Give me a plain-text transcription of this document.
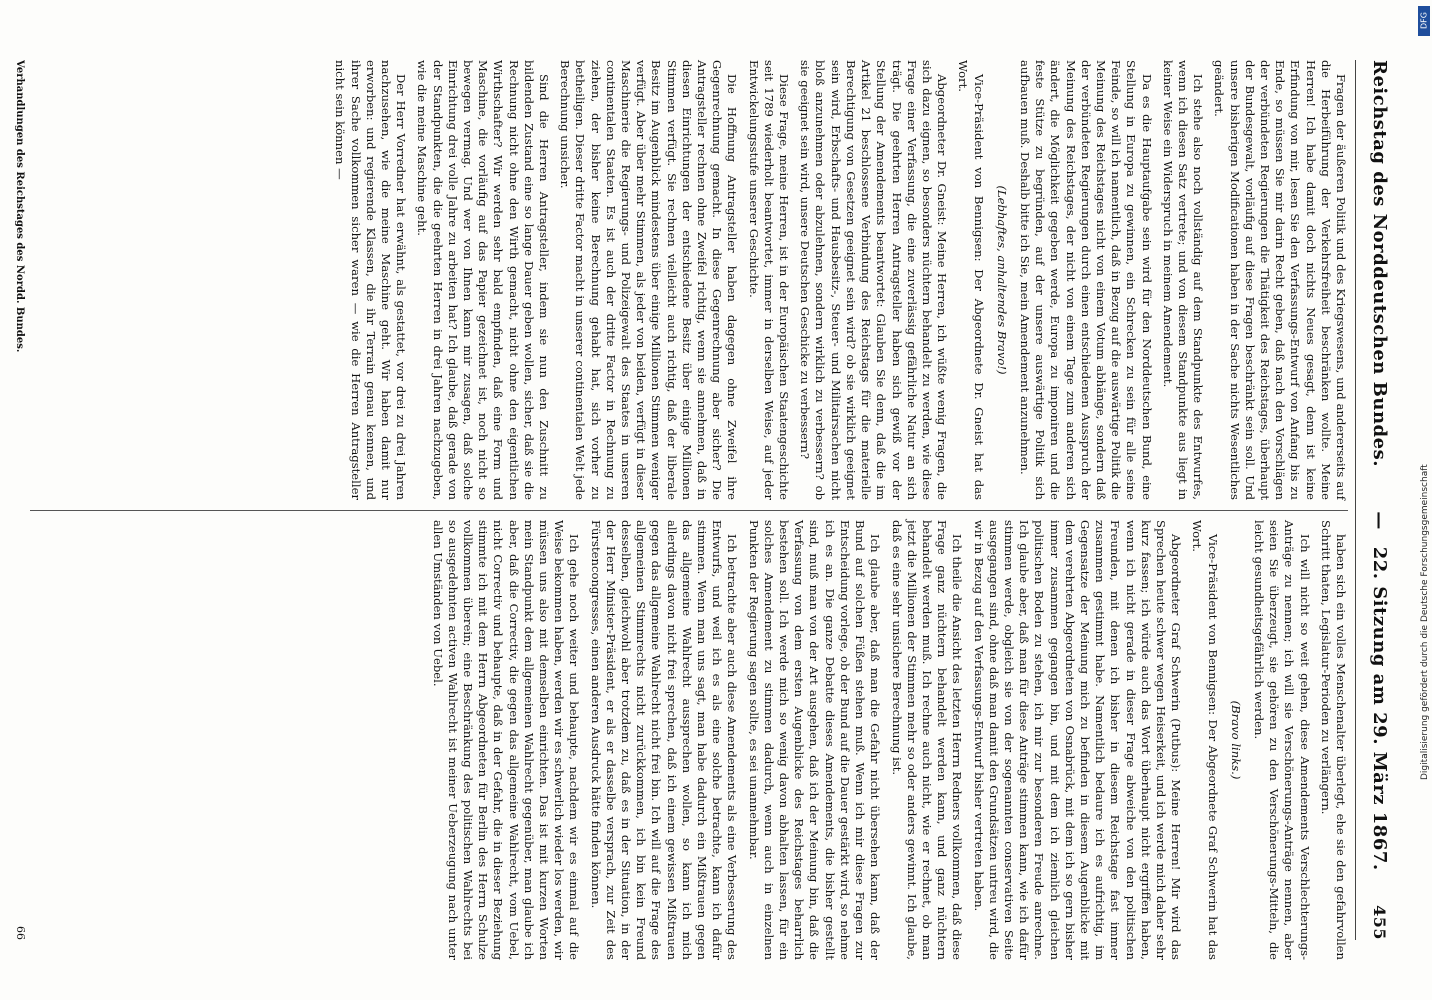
Reichstag des Norddeutschen Bundes.
— 22. Sitzung am 29. März 1867.
455

Fragen der äußeren Politik und des Kriegswesens, und andererseits auf die Herbeiführung der Verkehrsfreiheit beschränken wollte. Meine Herren! Ich habe damit doch nichts Neues gesagt, denn ist keine Erfindung von mir, lesen Sie den Verfassungs-Entwurf von Anfang bis zu Ende, so müssen Sie mir darin Recht geben, daß nach den Vorschlägen der verbündeten Regierungen die Thätigkeit des Reichstages, überhaupt der Bundesgewalt, vorläufig auf diese Fragen beschränkt sein soll. Und unsere bisherigen Modificationen haben in der Sache nichts Wesentliches geändert.

Ich stehe also noch vollständig auf dem Standpunkte des Entwurfes, wenn ich diesen Satz vertrete; und von diesem Standpunkte aus liegt in keiner Weise ein Widerspruch in meinem Amendement.

Da es die Hauptaufgabe sein wird für den Norddeutschen Bund, eine Stellung in Europa zu gewinnen, ein Schrecken zu sein für alle seine Feinde, so will ich namentlich, daß in Bezug auf die auswärtige Politik die Meinung des Reichstages nicht von einem Votum abhänge, sondern daß der verbündeten Regierungen durch einen entschiedenen Ausspruch der Meinung des Reichstages, der nicht von einem Tage zum anderen sich ändert, die Möglichkeit gegeben werde, Europa zu imponiren und die feste Stütze zu begründen, auf der unsere auswärtige Politik sich aufbauen muß. Deshalb bitte ich Sie, mein Amendement anzunehmen.

(Lebhaftes, anhaltendes Bravo!)

Vice-Präsident von Bennigsen: Der Abgeordnete Dr. Gneist hat das Wort.

Abgeordneter Dr. Gneist: Meine Herren, ich wüßte wenig Fragen, die sich dazu eignen, so besonders nüchtern behandelt zu werden, wie diese Frage einer Verfassung, die eine zuverlässig gefährliche Natur an sich trägt. Die geehrten Herren Antragsteller haben sich gewiß vor der Stellung der Amendements beantwortet: Glauben Sie denn, daß die im Artikel 21 beschlossene Verbindung des Reichstags für die materielle Berechtigung von Gesetzen geeignet sein wird? ob sie wirklich geeignet sein wird, Erbschafts- und Hausbesitz-, Steuer- und Militairsachen nicht bloß anzunehmen oder abzulehnen, sondern wirklich zu verbessern? ob sie geeignet sein wird, unsere Deutschen Geschicke zu verbessern?

Diese Frage, meine Herren, ist in der Europäischen Staatengeschichte seit 1789 wiederholt beantwortet, immer in derselben Weise, auf jeder Entwickelungsstufe unserer Geschichte.

Die Hoffnung Antragsteller haben dagegen ohne Zweifel ihre Gegenrechnung gemacht. In diese Gegenrechnung aber sicher? Die Antragsteller rechnen ohne Zweifel richtig, wenn sie annehmen, daß in diesen Einrichtungen der entschiedene Besitz über einige Millionen Stimmen verfügt. Sie rechnen vielleicht auch richtig, daß der liberale Besitz im Augenblick mindestens über einige Millionen Stimmen weniger verfügt. Aber über mehr Stimmen, als jeder von beiden, verfügt in dieser Maschinerie die Regierungs- und Polizeigewalt des Staates in unseren continentalen Staaten. Es ist auch der dritte Factor in Rechnung zu ziehen, der bisher keine Berechnung gehabt hat, sich vorher zu betheiligen. Dieser dritte Factor macht in unserer continentalen Welt jede Berechnung unsicher.

Sind die Herren Antragsteller, indem sie nun den Zuschnitt zu bildenden Zustand eine so lange Dauer geben wollen, sicher, daß sie die Rechnung nicht ohne den Wirth gemacht, nicht ohne den eigentlichen Wirthschafter? Wir werden sehr bald empfinden, daß eine Form und Maschine, die vorläufig auf das Papier gezeichnet ist, noch nicht so bewegen vermag. Und wer von Ihnen kann mir zusagen, daß solche Einrichtung drei volle Jahre zu arbeiten hat? Ich glaube, daß gerade von der Standpunkten, die die geehrten Herren in drei Jahren nachzugeben, wie die meine Maschine geht.

Der Herr Vorredner hat erwähnt, als gestattet, vor drei zu drei Jahren nachzusehen, wie die meine Maschine geht. Wir haben damit nur erworben: und regierende Klassen, die ihr Terrain genau kennen, und ihrer Sache vollkommen sicher waren — wie die Herren Antragsteller nicht sein können —

haben sich ein volles Menschenalter überlegt, ehe sie den gefahrvollen Schritt thaten, Legislatur-Perioden zu verlängern.

Ich will nicht so weit gehen, diese Amendements Verschlechterungs-Anträge zu nennen; ich will sie Verschönerungs-Anträge nennen, aber seien Sie überzeugt, sie gehören zu den Verschönerungs-Mitteln, die leicht gesundheitsgefährlich werden.

(Bravo links.)

Vice-Präsident von Bennigsen: Der Abgeordnete Graf Schwerin hat das Wort.

Abgeordneter Graf Schwerin (Putbus): Meine Herren! Mir wird das Sprechen heute schwer wegen Heiserkeit, und ich werde mich daher sehr kurz fassen; ich würde auch das Wort überhaupt nicht ergriffen haben, wenn ich nicht gerade in dieser Frage abweiche von den politischen Freunden, mit denen ich bisher in diesem Reichstage fast immer zusammen gestimmt habe. Namentlich bedaure ich es aufrichtig, im Gegensatze der Meinung mich zu befinden in diesem Augenblicke mit dem verehrten Abgeordneten von Osnabrück, mit dem ich so gern bisher immer zusammen gegangen bin, und mit dem ich ziemlich gleichen politischen Boden zu stehen, ich mir zur besonderen Freude anrechne. Ich glaube aber, daß man für diese Anträge stimmen kann, wie ich dafür stimmen werde, obgleich sie von der sogenannten conservativen Seite ausgegangen sind, ohne daß man damit den Grundsätzen untreu wird, die wir in Bezug auf den Verfassungs-Entwurf bisher vertreten haben.

Ich theile die Ansicht des letzten Herrn Redners vollkommen, daß diese Frage ganz nüchtern behandelt werden kann, und ganz nüchtern behandelt werden muß. Ich rechne auch nicht, wie er rechnet, ob man jetzt die Millionen der Stimmen mehr so oder anders gewinnt. Ich glaube, daß es eine sehr unsichere Berechnung ist.

Ich glaube aber, daß man die Gefahr nicht übersehen kann, daß der Bund auf solchen Füßen stehen muß. Wenn ich mir diese Fragen zur Entscheidung vorlege, ob der Bund auf die Dauer gestärkt wird, so nehme ich es an. Die ganze Debatte dieses Amendements, die bisher gestellt sind, muß man von der Art ausgehen, daß ich der Meinung bin, daß die Verfassung von dem ersten Augenblicke des Reichstages beharrlich bestehen soll. Ich werde mich so wenig davon abhalten lassen, für ein solches Amendement zu stimmen dadurch, wenn auch in einzelnen Punkten der Regierung sagen sollte, es sei unannehmbar.

Ich betrachte aber auch diese Amendements als eine Verbesserung des Entwurfs, und weil ich es als eine solche betrachte, kann ich dafür stimmen. Wenn man uns sagt, man habe dadurch ein Mißtrauen gegen das allgemeine Wahlrecht aussprechen wollen, so kann ich mich allerdings davon nicht frei sprechen, daß ich einem gewissen Mißtrauen gegen das allgemeine Wahlrecht nicht frei bin. Ich will auf die Frage des allgemeinen Stimmrechts nicht zurückkommen, ich bin kein Freund desselben, gleichwohl aber trotzdem zu, daß es in der Situation, in der der Herr Minister-Präsident, er als er dasselbe versprach, zur Zeit des Fürstencongresses, einen anderen Ausdruck hätte finden können.

Ich gehe noch weiter und behaupte, nachdem wir es einmal auf die Weise bekommen haben, werden wir es schwerlich wieder los werden, wir müssen uns also mit demselben einrichten. Das ist mit kurzen Worten mein Standpunkt dem allgemeinen Wahlrecht gegenüber, man glaube ich aber, daß die Correctiv, die gegen das allgemeine Wahlrecht, vom Uebel, nicht Correctiv und behaupte, daß in der Gefahr, die in dieser Beziehung stimmte ich mit dem Herrn Abgeordneten für Berlin des Herrn Schulze vollkommen überein; eine Beschränkung des politischen Wahlrechts bei so ausgedehnten activen Wahlrecht ist meiner Ueberzeugung nach unter allen Umständen von Uebel.

Verhandlungen des Reichstages des Nordd. Bundes.
66
DFG
Digitalisierung gefördert durch die Deutsche Forschungsgemeinschaft
